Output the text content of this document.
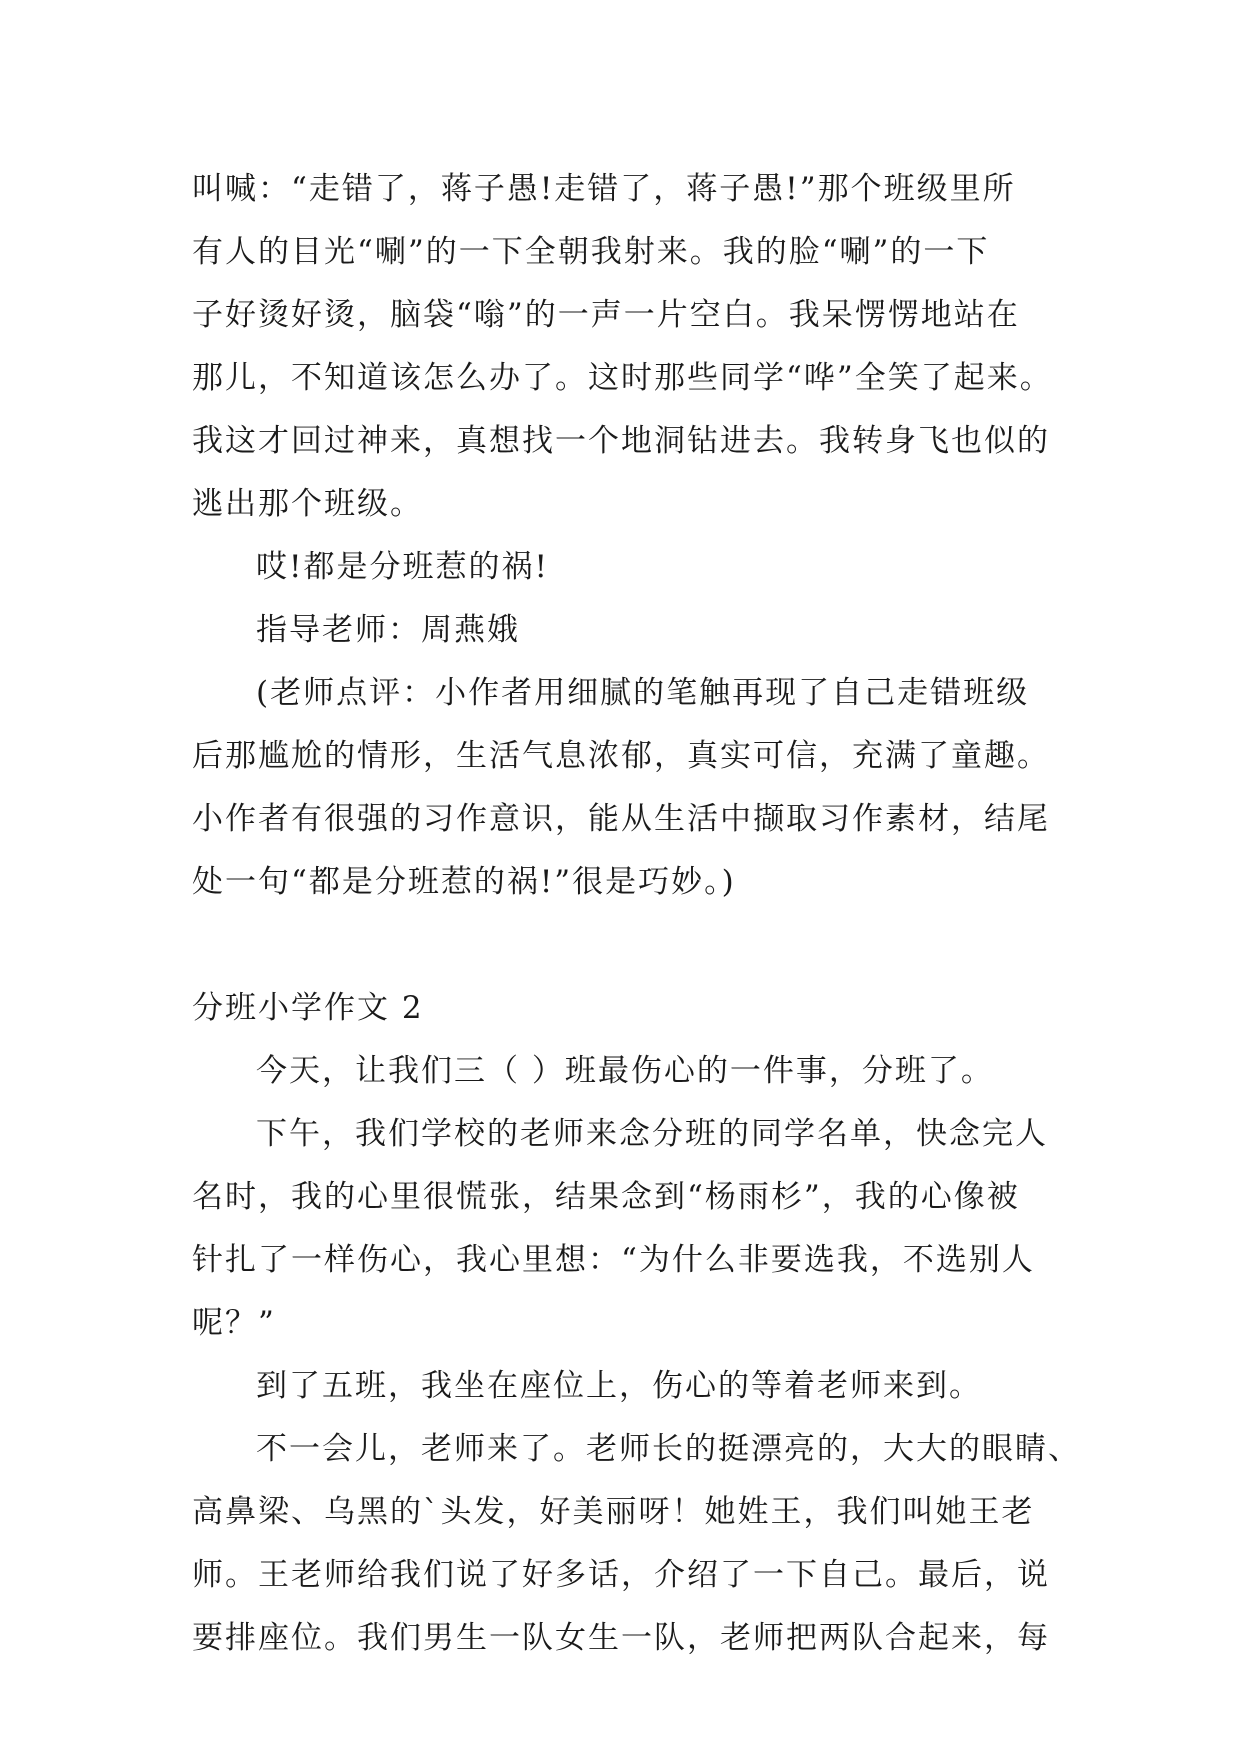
叫喊：“走错了，蒋子愚!走错了，蒋子愚!”那个班级里所
有人的目光“唰”的一下全朝我射来。我的脸“唰”的一下
子好烫好烫，脑袋“嗡”的一声一片空白。我呆愣愣地站在
那儿，不知道该怎么办了。这时那些同学“哗”全笑了起来。
我这才回过神来，真想找一个地洞钻进去。我转身飞也似的
逃出那个班级。
哎!都是分班惹的祸!
指导老师：周燕娥
(老师点评：小作者用细腻的笔触再现了自己走错班级
后那尴尬的情形，生活气息浓郁，真实可信，充满了童趣。
小作者有很强的习作意识，能从生活中撷取习作素材，结尾
处一句“都是分班惹的祸!”很是巧妙。)
分班小学作文 2
今天，让我们三（ ）班最伤心的一件事，分班了。
下午，我们学校的老师来念分班的同学名单，快念完人
名时，我的心里很慌张，结果念到“杨雨杉”，我的心像被
针扎了一样伤心，我心里想：“为什么非要选我，不选别人
呢？”
到了五班，我坐在座位上，伤心的等着老师来到。
不一会儿，老师来了。老师长的挺漂亮的，大大的眼睛、
高鼻梁、乌黑的`头发，好美丽呀！她姓王，我们叫她王老
师。王老师给我们说了好多话，介绍了一下自己。最后，说
要排座位。我们男生一队女生一队，老师把两队合起来，每
